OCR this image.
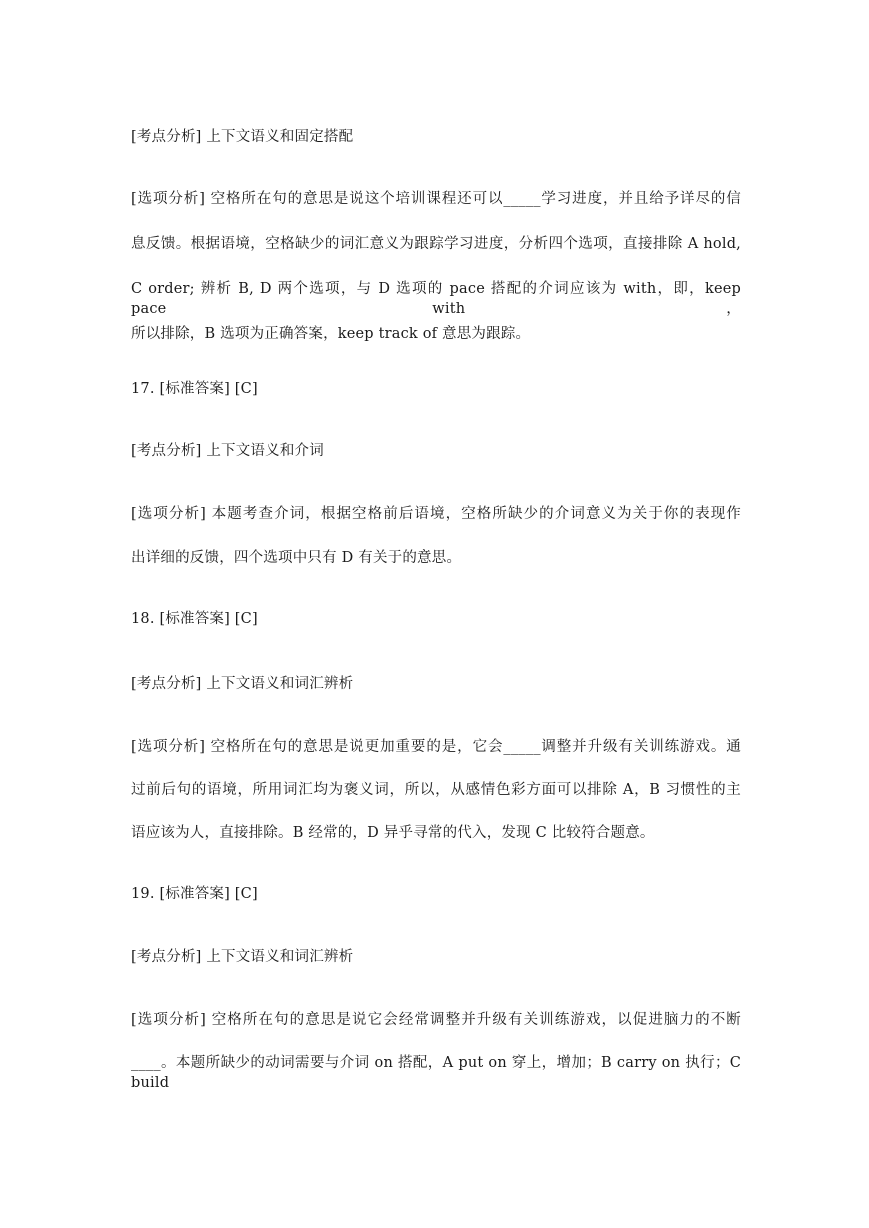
[考点分析] 上下文语义和固定搭配
[选项分析] 空格所在句的意思是说这个培训课程还可以_____学习进度，并且给予详尽的信
息反馈。根据语境，空格缺少的词汇意义为跟踪学习进度，分析四个选项，直接排除 A hold,
C order; 辨析 B, D 两个选项，与 D 选项的 pace 搭配的介词应该为 with，即，keep pace with，
所以排除，B 选项为正确答案，keep track of 意思为跟踪。
17. [标准答案] [C]
[考点分析] 上下文语义和介词
[选项分析] 本题考查介词，根据空格前后语境，空格所缺少的介词意义为关于你的表现作
出详细的反馈，四个选项中只有 D 有关于的意思。
18. [标准答案] [C]
[考点分析] 上下文语义和词汇辨析
[选项分析] 空格所在句的意思是说更加重要的是，它会_____调整并升级有关训练游戏。通
过前后句的语境，所用词汇均为褒义词，所以，从感情色彩方面可以排除 A，B 习惯性的主
语应该为人，直接排除。B 经常的，D 异乎寻常的代入，发现 C 比较符合题意。
19. [标准答案] [C]
[考点分析] 上下文语义和词汇辨析
[选项分析] 空格所在句的意思是说它会经常调整并升级有关训练游戏，以促进脑力的不断
____。本题所缺少的动词需要与介词 on 搭配，A put on 穿上，增加；B carry on 执行；C build
